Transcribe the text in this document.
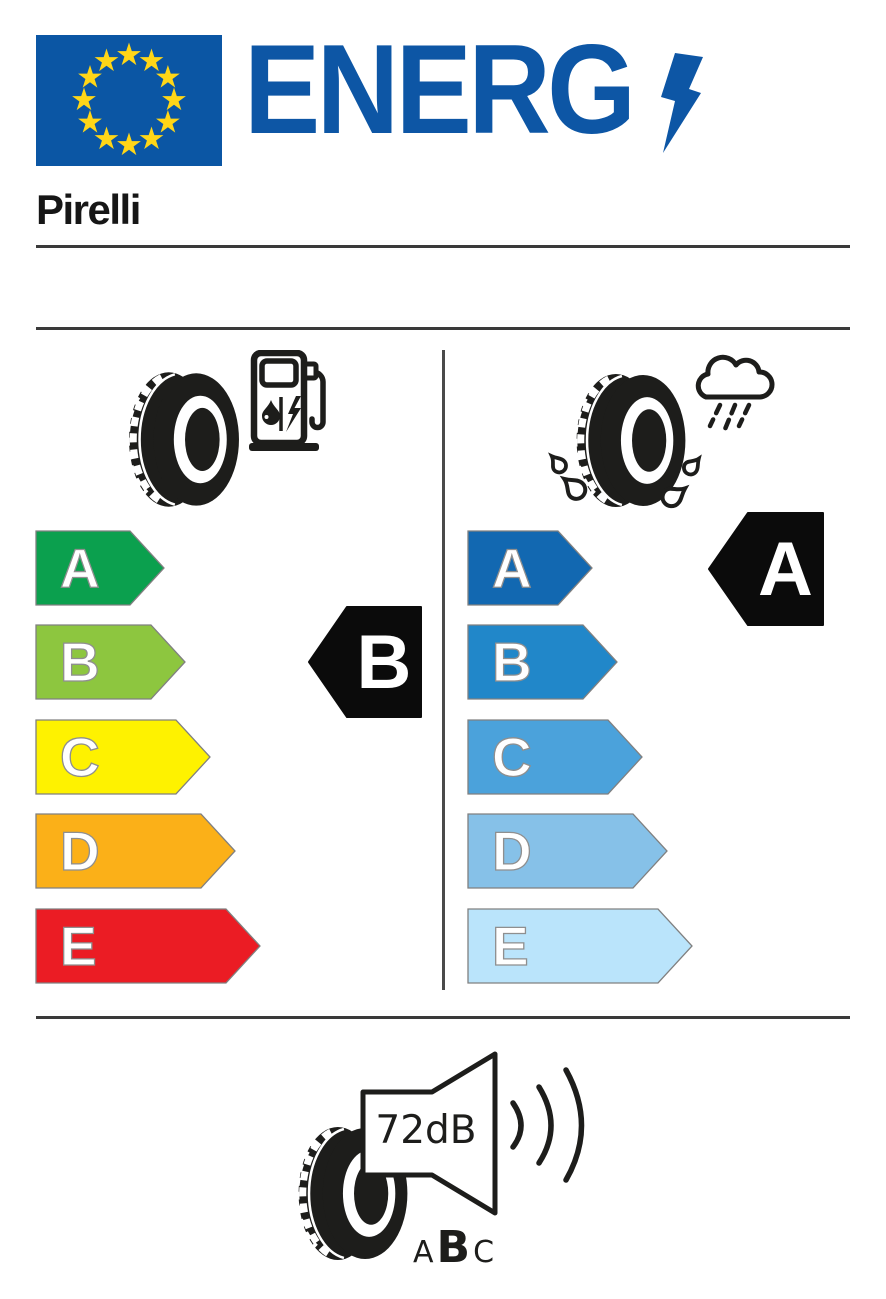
ENERG
Pirelli
A
B
C
D
E
B
A
B
C
D
E
A
72dB
A B C
